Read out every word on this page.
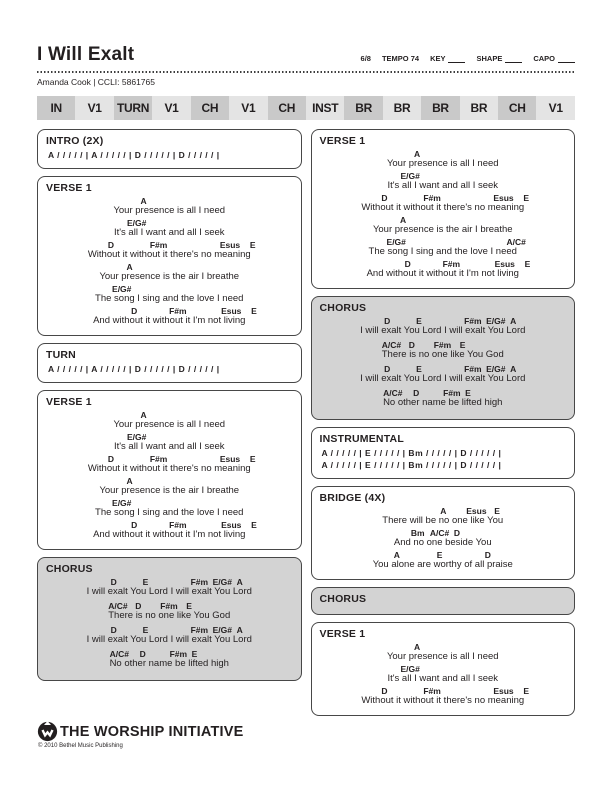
I Will Exalt	6/8 TEMPO 74 KEY	SHAPE	CAPO
Amanda Cook | CCLI: 5861765
IN	V1	TURN	V1	CH	V1	CH	INST	BR	BR	BR	BR	CH	V1
INTRO (2X)
A / / / / / | A / / / / / | D / / / / / | D / / / / / |
VERSE 1
A
Your presence is all I need
E/G#
It's all I want and all I seek
D	F#m	Esus E
Without it without it there's no meaning
A
Your presence is the air I breathe
E/G#
The song I sing and the love I need
D	F#m	Esus E
And without it without it I'm not living
TURN
A / / / / / | A / / / / / | D / / / / / | D / / / / / |
VERSE 1
A
Your presence is all I need
E/G#
It's all I want and all I seek
D	F#m	Esus E
Without it without it there's no meaning
A
Your presence is the air I breathe
E/G#
The song I sing and the love I need
D	F#m	Esus E
And without it without it I'm not living
CHORUS
D	E	F#m E/G# A
I will exalt You Lord I will exalt You Lord
A/C# D F#m E
There is no one like You God
D	E	F#m E/G# A
I will exalt You Lord I will exalt You Lord
A/C# D	F#m E
No other name be lifted high
VERSE 1
A
Your presence is all I need
E/G#
It's all I want and all I seek
D	F#m	Esus E
Without it without it there's no meaning
A
Your presence is the air I breathe
E/G#	A/C#
The song I sing and the love I need
D	F#m	Esus E
And without it without it I'm not living
CHORUS
D	E	F#m E/G# A
I will exalt You Lord I will exalt You Lord
A/C# D F#m E
There is no one like You God
D	E	F#m E/G# A
I will exalt You Lord I will exalt You Lord
A/C# D	F#m E
No other name be lifted high
INSTRUMENTAL
A / / / / / | E / / / / / | Bm / / / / / | D / / / / / |
A / / / / / | E / / / / / | Bm / / / / / | D / / / / / |
BRIDGE (4X)
A Esus E
There will be no one like You
Bm A/C# D
And no one beside You
A	E	D
You alone are worthy of all praise
CHORUS
VERSE 1
A
Your presence is all I need
E/G#
It's all I want and all I seek
D	F#m	Esus E
Without it without it there's no meaning
THE WORSHIP INITIATIVE
© 2010 Bethel Music Publishing
